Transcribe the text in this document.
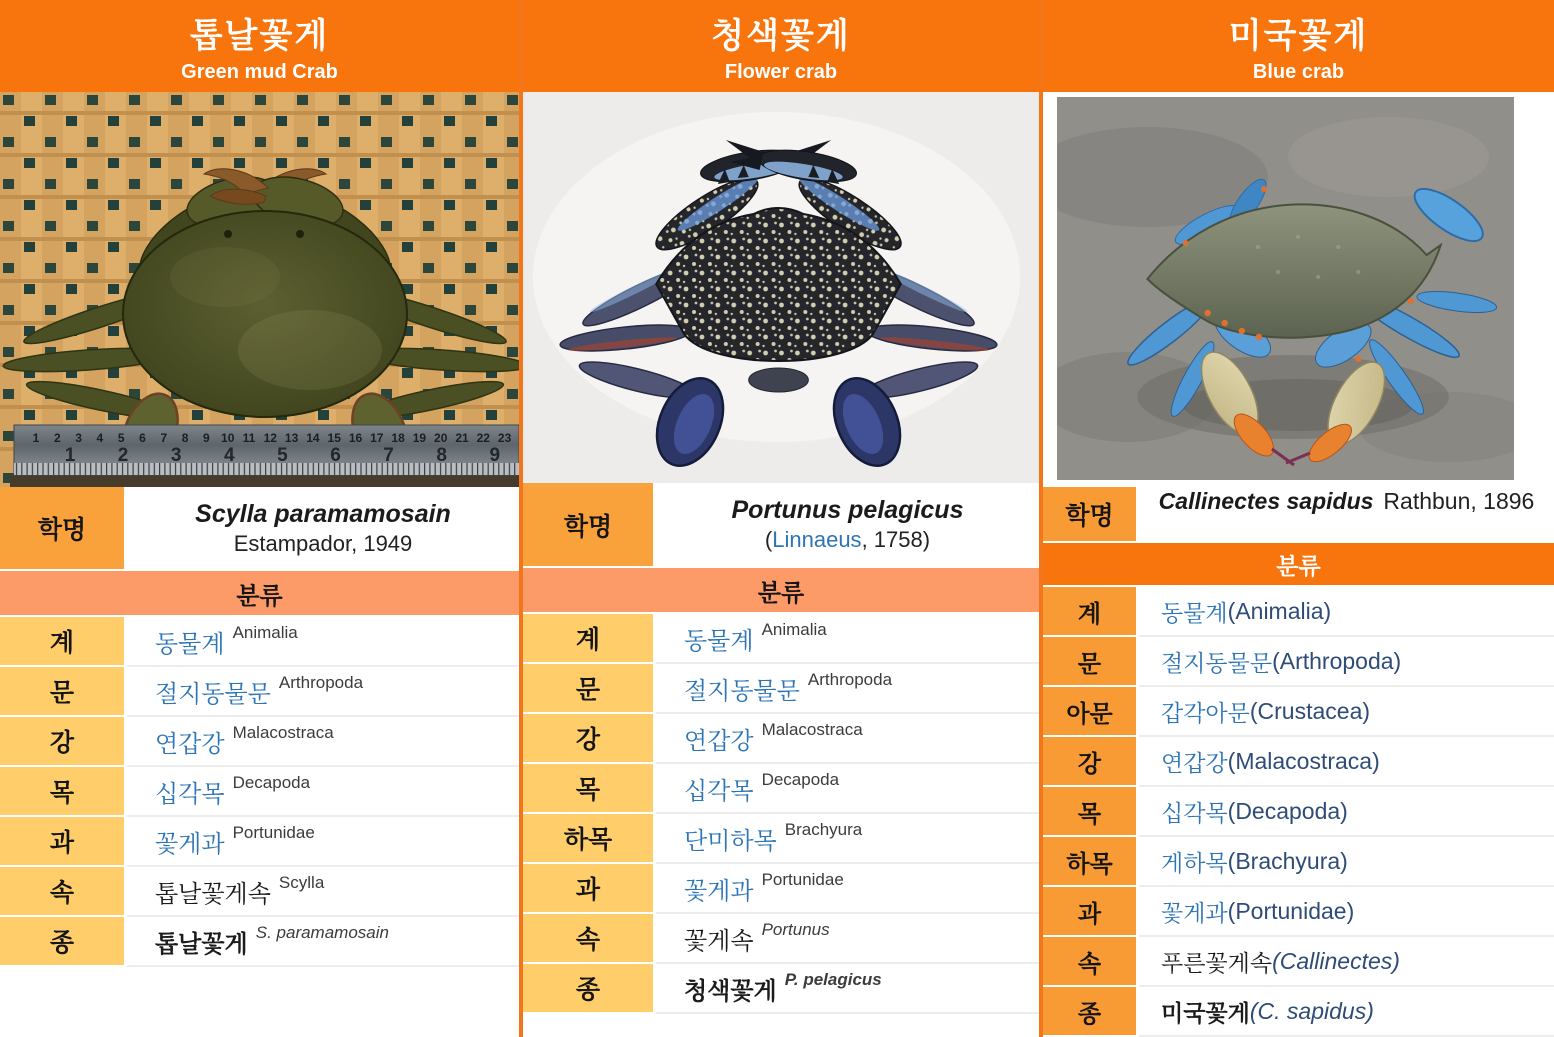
톱날꽃게
Green mud Crab
1 2 3 4 5 6 7 8 9 10 11 12 13 14 15 16 17 18 19 20 21 22 23
1 2 3 4 5 6 7 8 9
학명
Scylla paramamosain
Estampador, 1949
분류
계	동물계 Animalia
문	절지동물문 Arthropoda
강	연갑강 Malacostraca
목	십각목 Decapoda
과	꽃게과 Portunidae
속	톱날꽃게속 Scylla
종	톱날꽃게 S. paramamosain
청색꽃게
Flower crab
학명
Portunus pelagicus
(Linnaeus, 1758)
분류
계	동물계 Animalia
문	절지동물문 Arthropoda
강	연갑강 Malacostraca
목	십각목 Decapoda
하목	단미하목 Brachyura
과	꽃게과 Portunidae
속	꽃게속 Portunus
종	청색꽃게 P. pelagicus
미국꽃게
Blue crab
학명
Callinectes sapidus Rathbun, 1896
분류
계	동물계 (Animalia)
문	절지동물문 (Arthropoda)
아문	갑각아문 (Crustacea)
강	연갑강 (Malacostraca)
목	십각목 (Decapoda)
하목	게하목 (Brachyura)
과	꽃게과 (Portunidae)
속	푸른꽃게속 (Callinectes)
종	미국꽃게 (C. sapidus)
